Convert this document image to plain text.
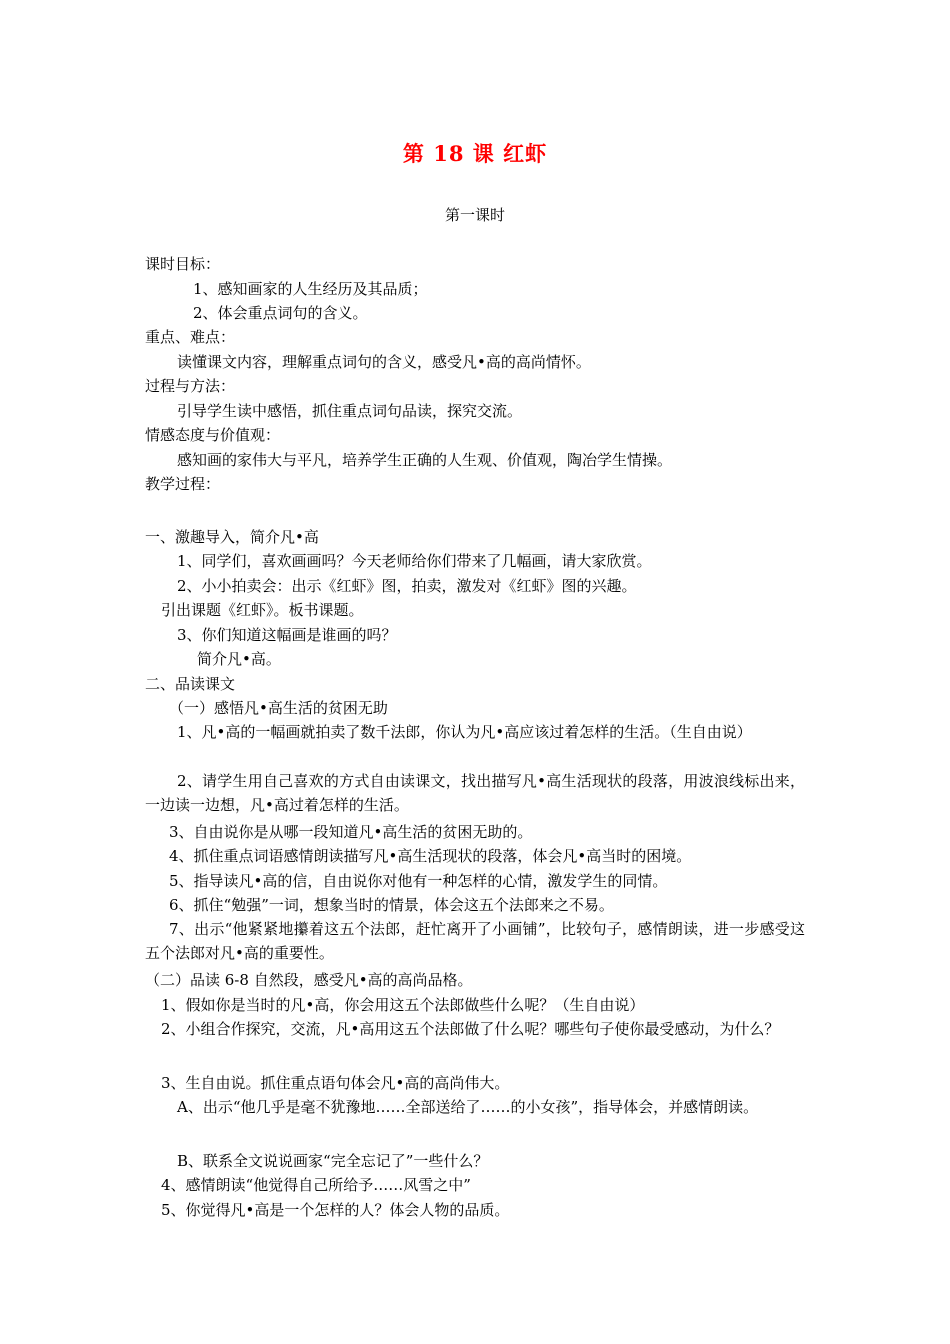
第 18 课 红虾
第一课时
课时目标：
1、感知画家的人生经历及其品质；
2、体会重点词句的含义。
重点、难点：
读懂课文内容，理解重点词句的含义，感受凡•高的高尚情怀。
过程与方法：
引导学生读中感悟，抓住重点词句品读，探究交流。
情感态度与价值观：
感知画的家伟大与平凡，培养学生正确的人生观、价值观，陶冶学生情操。
教学过程：
一、激趣导入，简介凡•高
1、同学们，喜欢画画吗？今天老师给你们带来了几幅画，请大家欣赏。
2、小小拍卖会：出示《红虾》图，拍卖，激发对《红虾》图的兴趣。
引出课题《红虾》。板书课题。
3、你们知道这幅画是谁画的吗？
简介凡•高。
二、品读课文
（一）感悟凡•高生活的贫困无助
1、凡•高的一幅画就拍卖了数千法郎，你认为凡•高应该过着怎样的生活。（生自由说）
2、请学生用自己喜欢的方式自由读课文，找出描写凡•高生活现状的段落，用波浪线标出来，一边读一边想，凡•高过着怎样的生活。
3、自由说你是从哪一段知道凡•高生活的贫困无助的。
4、抓住重点词语感情朗读描写凡•高生活现状的段落，体会凡•高当时的困境。
5、指导读凡•高的信，自由说你对他有一种怎样的心情，激发学生的同情。
6、抓住“勉强”一词，想象当时的情景，体会这五个法郎来之不易。
7、出示“他紧紧地攥着这五个法郎，赶忙离开了小画铺”，比较句子，感情朗读，进一步感受这五个法郎对凡•高的重要性。
（二）品读 6-8 自然段，感受凡•高的高尚品格。
1、假如你是当时的凡•高，你会用这五个法郎做些什么呢？（生自由说）
2、小组合作探究，交流，凡•高用这五个法郎做了什么呢？哪些句子使你最受感动，为什么？
3、生自由说。抓住重点语句体会凡•高的高尚伟大。
A、出示“他几乎是毫不犹豫地……全部送给了……的小女孩”，指导体会，并感情朗读。
B、联系全文说说画家“完全忘记了”一些什么？
4、感情朗读“他觉得自己所给予……风雪之中”
5、你觉得凡•高是一个怎样的人？体会人物的品质。
